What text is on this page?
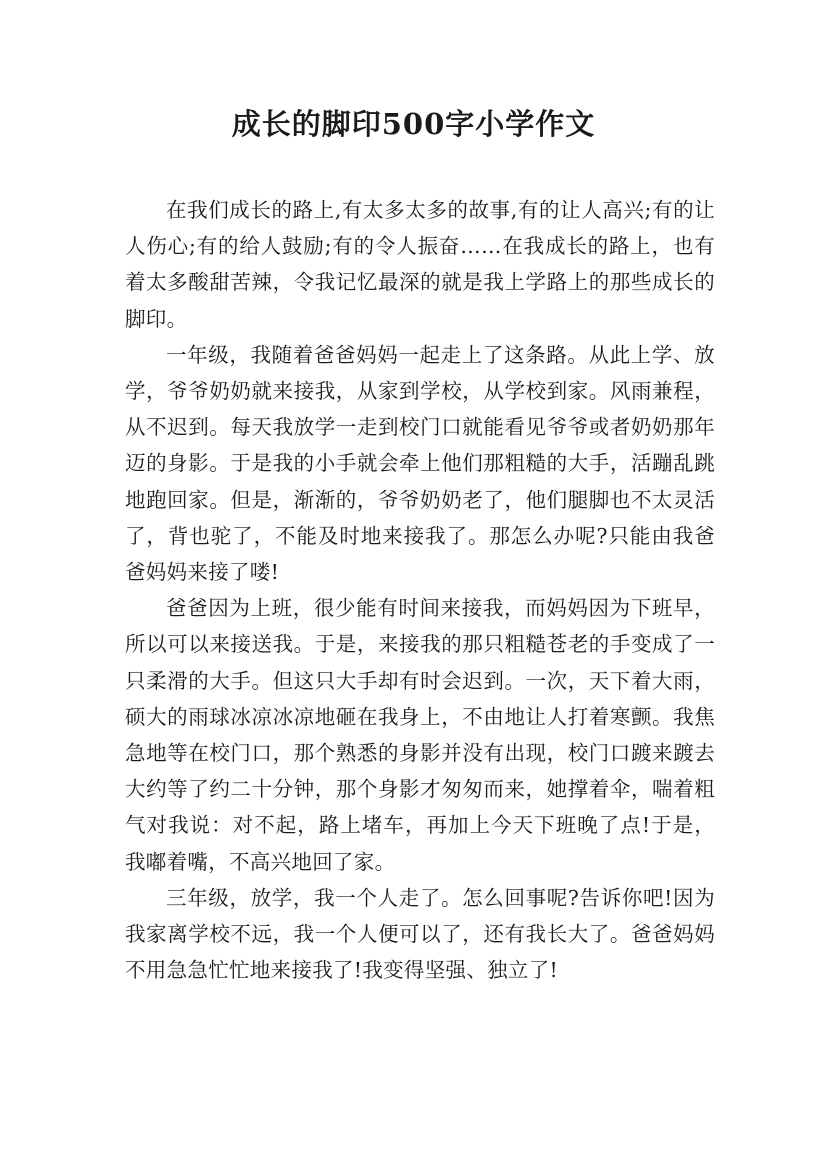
成长的脚印500字小学作文

在我们成长的路上,有太多太多的故事,有的让人高兴;有的让人伤心;有的给人鼓励;有的令人振奋……在我成长的路上，也有着太多酸甜苦辣，令我记忆最深的就是我上学路上的那些成长的脚印。

一年级，我随着爸爸妈妈一起走上了这条路。从此上学、放学，爷爷奶奶就来接我，从家到学校，从学校到家。风雨兼程，从不迟到。每天我放学一走到校门口就能看见爷爷或者奶奶那年迈的身影。于是我的小手就会牵上他们那粗糙的大手，活蹦乱跳地跑回家。但是，渐渐的，爷爷奶奶老了，他们腿脚也不太灵活了，背也驼了，不能及时地来接我了。那怎么办呢?只能由我爸爸妈妈来接了喽!

爸爸因为上班，很少能有时间来接我，而妈妈因为下班早，所以可以来接送我。于是，来接我的那只粗糙苍老的手变成了一只柔滑的大手。但这只大手却有时会迟到。一次，天下着大雨，硕大的雨球冰凉冰凉地砸在我身上，不由地让人打着寒颤。我焦急地等在校门口，那个熟悉的身影并没有出现，校门口踱来踱去大约等了约二十分钟，那个身影才匆匆而来，她撑着伞，喘着粗气对我说：对不起，路上堵车，再加上今天下班晚了点!于是，我嘟着嘴，不高兴地回了家。

三年级，放学，我一个人走了。怎么回事呢?告诉你吧!因为我家离学校不远，我一个人便可以了，还有我长大了。爸爸妈妈不用急急忙忙地来接我了!我变得坚强、独立了!
